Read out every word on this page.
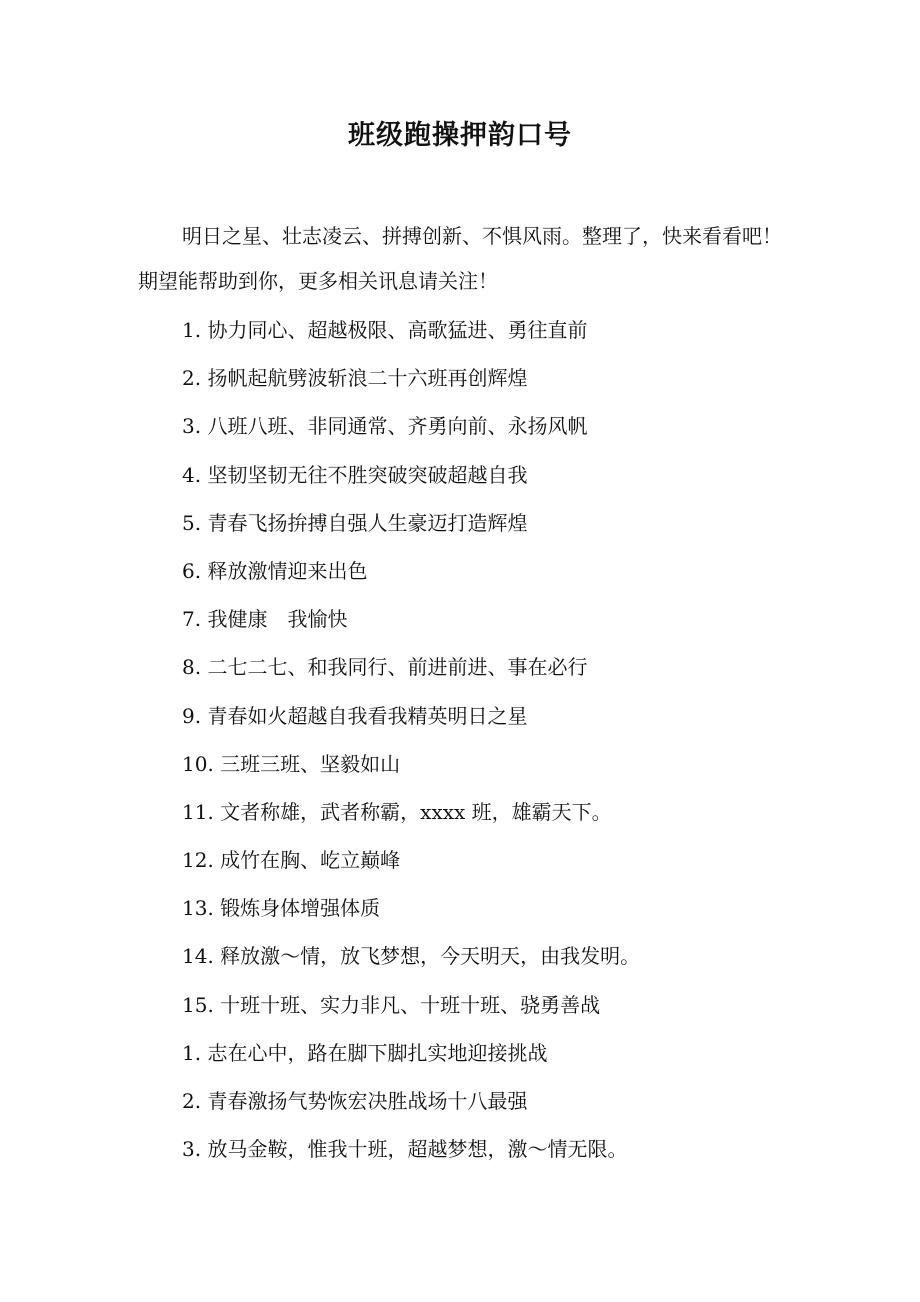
班级跑操押韵口号
明日之星、壮志凌云、拼搏创新、不惧风雨。整理了，快来看看吧！期望能帮助到你，更多相关讯息请关注！
1. 协力同心、超越极限、高歌猛进、勇往直前
2. 扬帆起航劈波斩浪二十六班再创辉煌
3. 八班八班、非同通常、齐勇向前、永扬风帆
4. 坚韧坚韧无往不胜突破突破超越自我
5. 青春飞扬拚搏自强人生豪迈打造辉煌
6. 释放激情迎来出色
7. 我健康　我愉快
8. 二七二七、和我同行、前进前进、事在必行
9. 青春如火超越自我看我精英明日之星
10. 三班三班、坚毅如山
11. 文者称雄，武者称霸，xxxx 班，雄霸天下。
12. 成竹在胸、屹立巅峰
13. 锻炼身体增强体质
14. 释放激〜情，放飞梦想，今天明天，由我发明。
15. 十班十班、实力非凡、十班十班、骁勇善战
1. 志在心中，路在脚下脚扎实地迎接挑战
2. 青春激扬气势恢宏决胜战场十八最强
3. 放马金鞍，惟我十班，超越梦想，激〜情无限。
